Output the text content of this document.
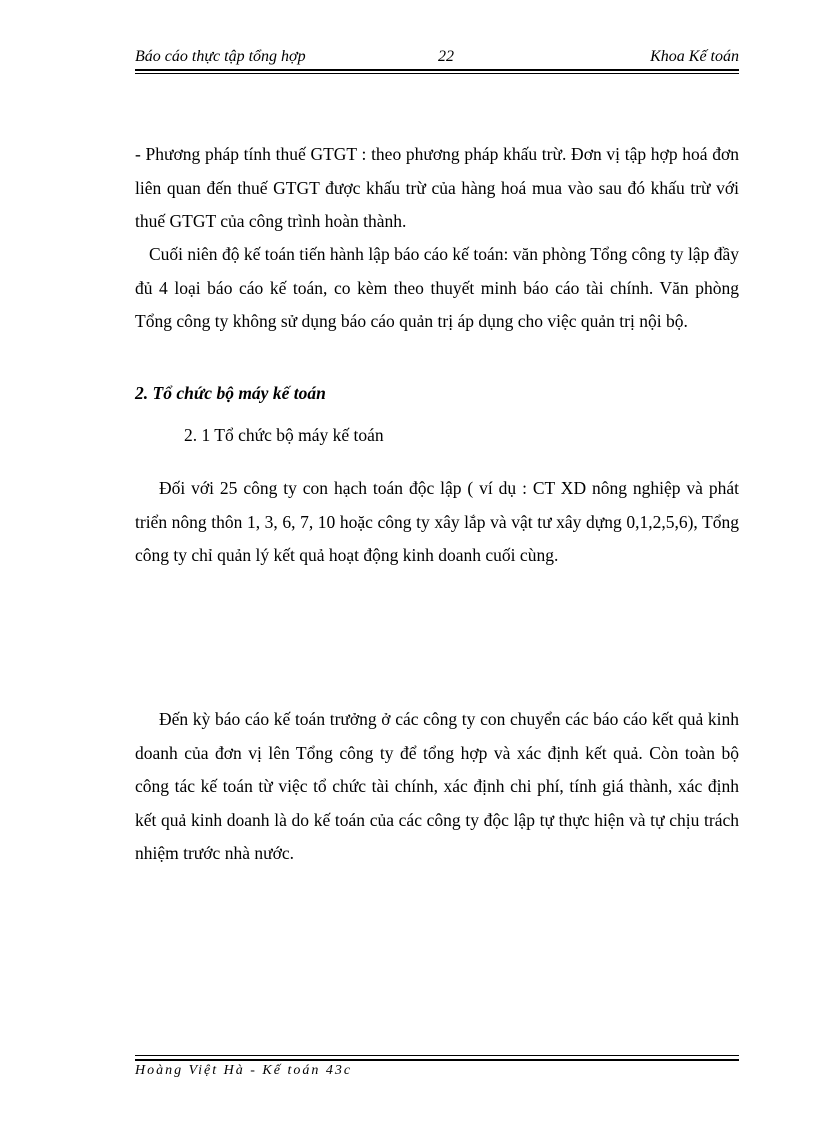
Báo cáo thực tập tổng hợp	22	Khoa Kế toán

- Phương pháp tính thuế GTGT : theo phương pháp khấu trừ. Đơn vị tập hợp hoá đơn liên quan đến thuế GTGT được khấu trừ của hàng hoá mua vào sau đó khấu trừ với thuế GTGT của công trình hoàn thành.

Cuối niên độ kế toán tiến hành lập báo cáo kế toán: văn phòng Tổng công ty lập đầy đủ 4 loại báo cáo kế toán, co kèm theo thuyết minh báo cáo tài chính. Văn phòng Tổng công ty không sử dụng báo cáo quản trị áp dụng cho việc quản trị nội bộ.

2. Tổ chức bộ máy kế toán

2. 1 Tổ chức bộ máy kế toán

Đối với 25 công ty con hạch toán độc lập ( ví dụ : CT XD nông nghiệp và phát triển nông thôn 1, 3, 6, 7, 10 hoặc công ty xây lắp và vật tư xây dựng 0,1,2,5,6), Tổng công ty chỉ quản lý kết quả hoạt động kinh doanh cuối cùng.

Đến kỳ báo cáo kế toán trưởng ở các công ty con chuyển các báo cáo kết quả kinh doanh của đơn vị lên Tổng công ty để tổng hợp và xác định kết quả. Còn toàn bộ công tác kế toán từ việc tổ chức tài chính, xác định chi phí, tính giá thành, xác định kết quả kinh doanh là do kế toán của các công ty độc lập tự thực hiện và tự chịu trách nhiệm trước nhà nước.

Hoàng Việt Hà - Kế toán 43c
